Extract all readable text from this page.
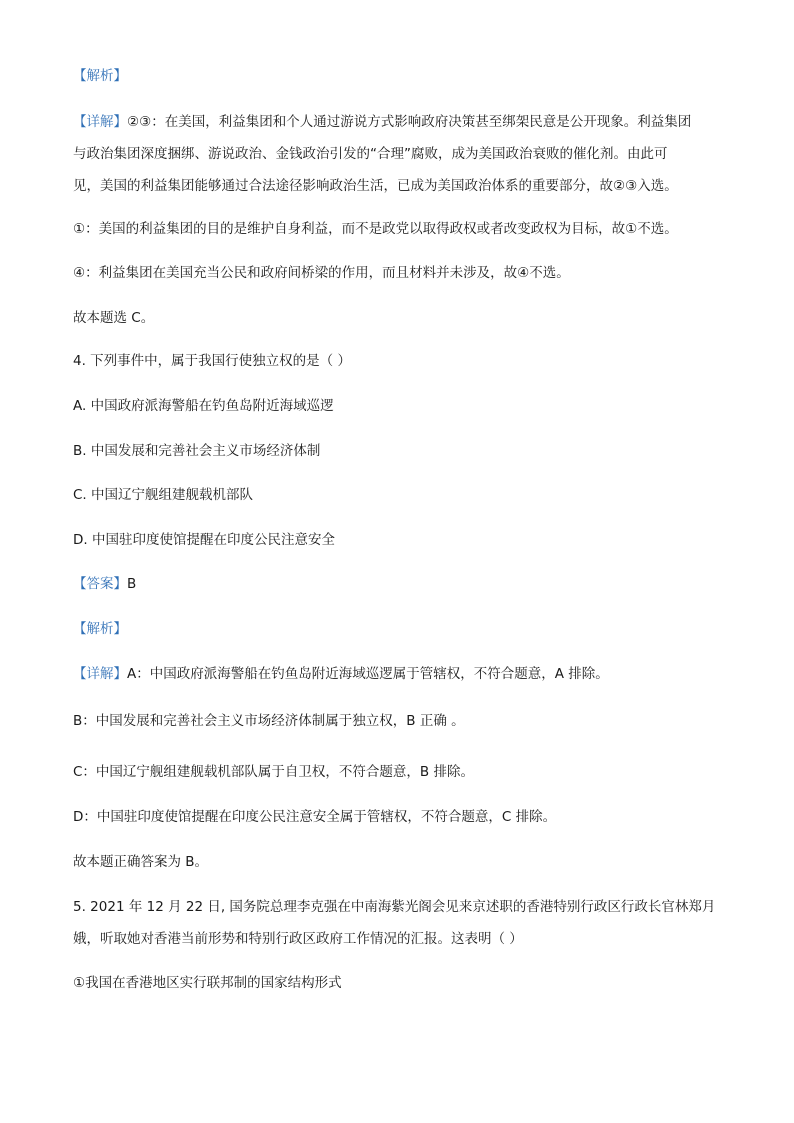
【解析】
【详解】②③：在美国，利益集团和个人通过游说方式影响政府决策甚至绑架民意是公开现象。利益集团
与政治集团深度捆绑、游说政治、金钱政治引发的“合理”腐败，成为美国政治衰败的催化剂。由此可
见，美国的利益集团能够通过合法途径影响政治生活，已成为美国政治体系的重要部分，故②③入选。
①：美国的利益集团的目的是维护自身利益，而不是政党以取得政权或者改变政权为目标，故①不选。
④：利益集团在美国充当公民和政府间桥梁的作用，而且材料并未涉及，故④不选。
故本题选 C。
4. 下列事件中，属于我国行使独立权的是（ ）
A. 中国政府派海警船在钓鱼岛附近海域巡逻
B. 中国发展和完善社会主义市场经济体制
C. 中国辽宁舰组建舰载机部队
D. 中国驻印度使馆提醒在印度公民注意安全
【答案】B
【解析】
【详解】A：中国政府派海警船在钓鱼岛附近海域巡逻属于管辖权，不符合题意，A 排除。
B：中国发展和完善社会主义市场经济体制属于独立权，B 正确 。
C：中国辽宁舰组建舰载机部队属于自卫权，不符合题意，B 排除。
D：中国驻印度使馆提醒在印度公民注意安全属于管辖权，不符合题意，C 排除。
故本题正确答案为 B。
5. 2021 年 12 月 22 日, 国务院总理李克强在中南海紫光阁会见来京述职的香港特别行政区行政长官林郑月
娥，听取她对香港当前形势和特别行政区政府工作情况的汇报。这表明（ ）
①我国在香港地区实行联邦制的国家结构形式
